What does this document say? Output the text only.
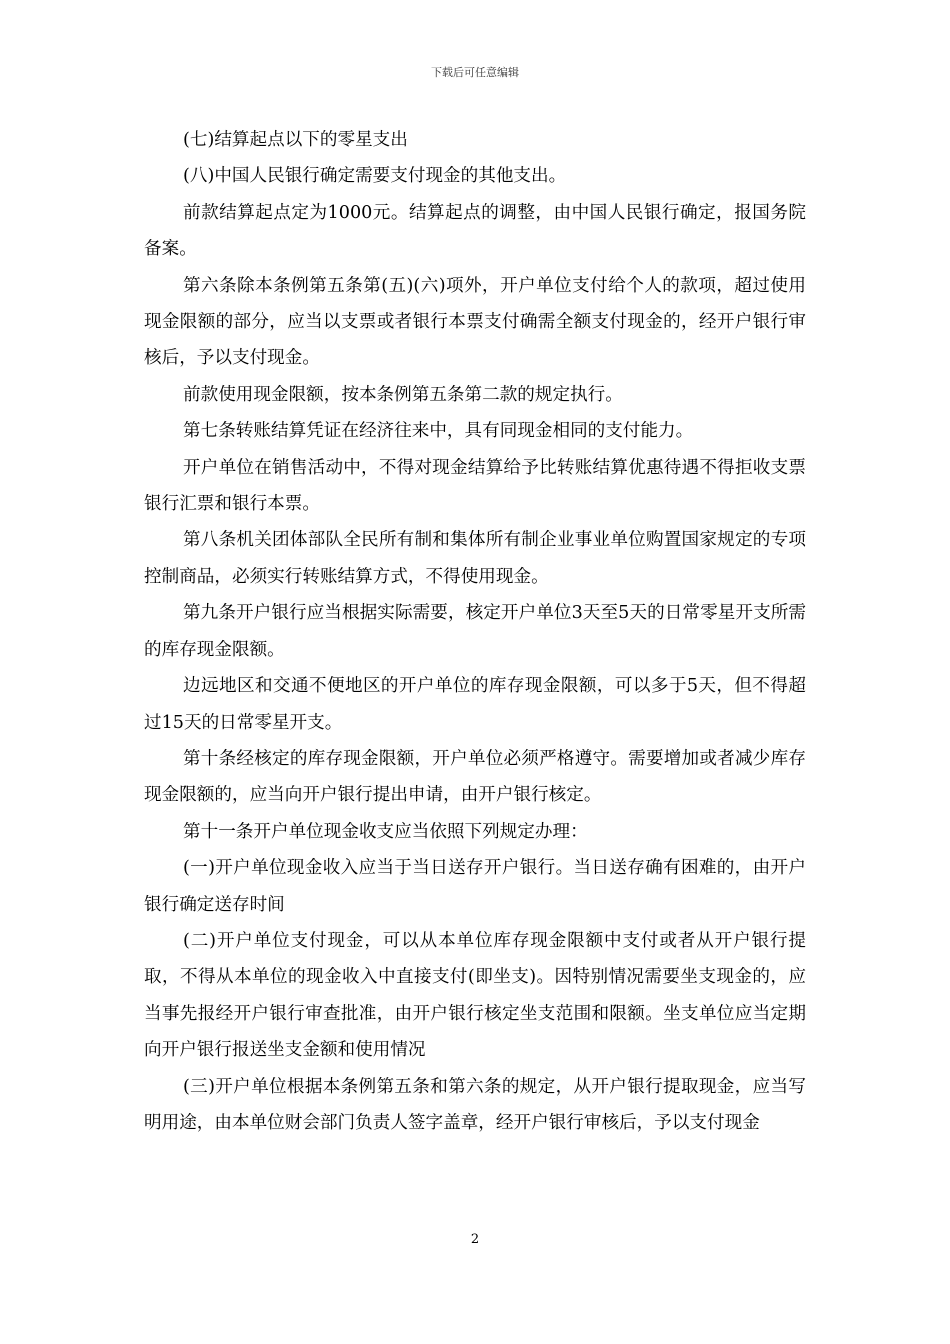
下载后可任意编辑

(七)结算起点以下的零星支出

(八)中国人民银行确定需要支付现金的其他支出。

前款结算起点定为1000元。结算起点的调整，由中国人民银行确定，报国务院备案。

第六条除本条例第五条第(五)(六)项外，开户单位支付给个人的款项，超过使用现金限额的部分，应当以支票或者银行本票支付确需全额支付现金的，经开户银行审核后，予以支付现金。

前款使用现金限额，按本条例第五条第二款的规定执行。

第七条转账结算凭证在经济往来中，具有同现金相同的支付能力。

开户单位在销售活动中，不得对现金结算给予比转账结算优惠待遇不得拒收支票银行汇票和银行本票。

第八条机关团体部队全民所有制和集体所有制企业事业单位购置国家规定的专项控制商品，必须实行转账结算方式，不得使用现金。

第九条开户银行应当根据实际需要，核定开户单位3天至5天的日常零星开支所需的库存现金限额。

边远地区和交通不便地区的开户单位的库存现金限额，可以多于5天，但不得超过15天的日常零星开支。

第十条经核定的库存现金限额，开户单位必须严格遵守。需要增加或者减少库存现金限额的，应当向开户银行提出申请，由开户银行核定。

第十一条开户单位现金收支应当依照下列规定办理：

(一)开户单位现金收入应当于当日送存开户银行。当日送存确有困难的，由开户银行确定送存时间

(二)开户单位支付现金，可以从本单位库存现金限额中支付或者从开户银行提取，不得从本单位的现金收入中直接支付(即坐支)。因特别情况需要坐支现金的，应当事先报经开户银行审查批准，由开户银行核定坐支范围和限额。坐支单位应当定期向开户银行报送坐支金额和使用情况

(三)开户单位根据本条例第五条和第六条的规定，从开户银行提取现金，应当写明用途，由本单位财会部门负责人签字盖章，经开户银行审核后，予以支付现金

2
